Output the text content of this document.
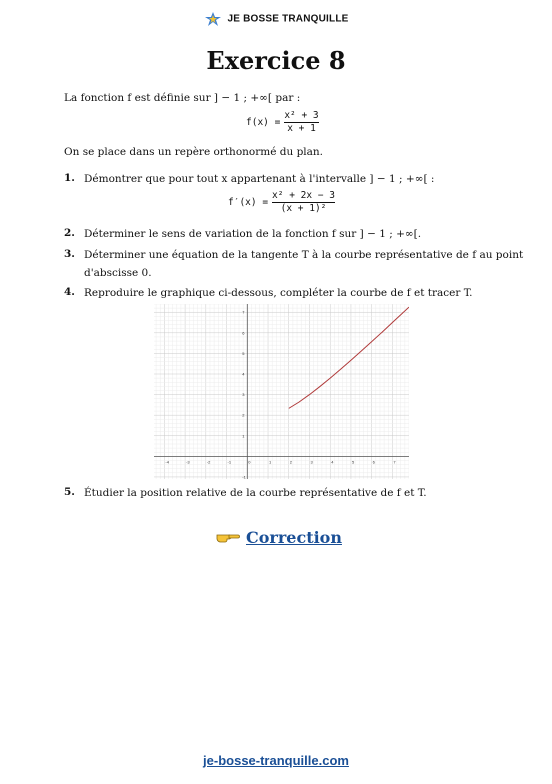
JE BOSSE TRANQUILLE
Exercice 8
La fonction f est définie sur ] − 1 ; +∞[ par :
$f(x) = \frac{\text{x² + 3}}{x + 1}$
On se place dans un repère orthonormé du plan.
1. Démontrer que pour tout x appartenant à l'intervalle ] − 1 ; +∞[ :
$f'(x) = \frac{\text{x² + 2x − 3}}{\text{(x + 1)²}}$
2. Déterminer le sens de variation de la fonction f sur ] − 1 ; +∞[.
3. Déterminer une équation de la tangente T à la courbe représentative de f au point
d'abscisse 0.
4. Reproduire le graphique ci-dessous, compléter la courbe de f et tracer T.
-4	-3	-2	-1	0	1	2	3	4	5	6	7
-1
1
2
3
4
5
6
7
5. Étudier la position relative de la courbe représentative de f et T.
Correction
je-bosse-tranquille.com
